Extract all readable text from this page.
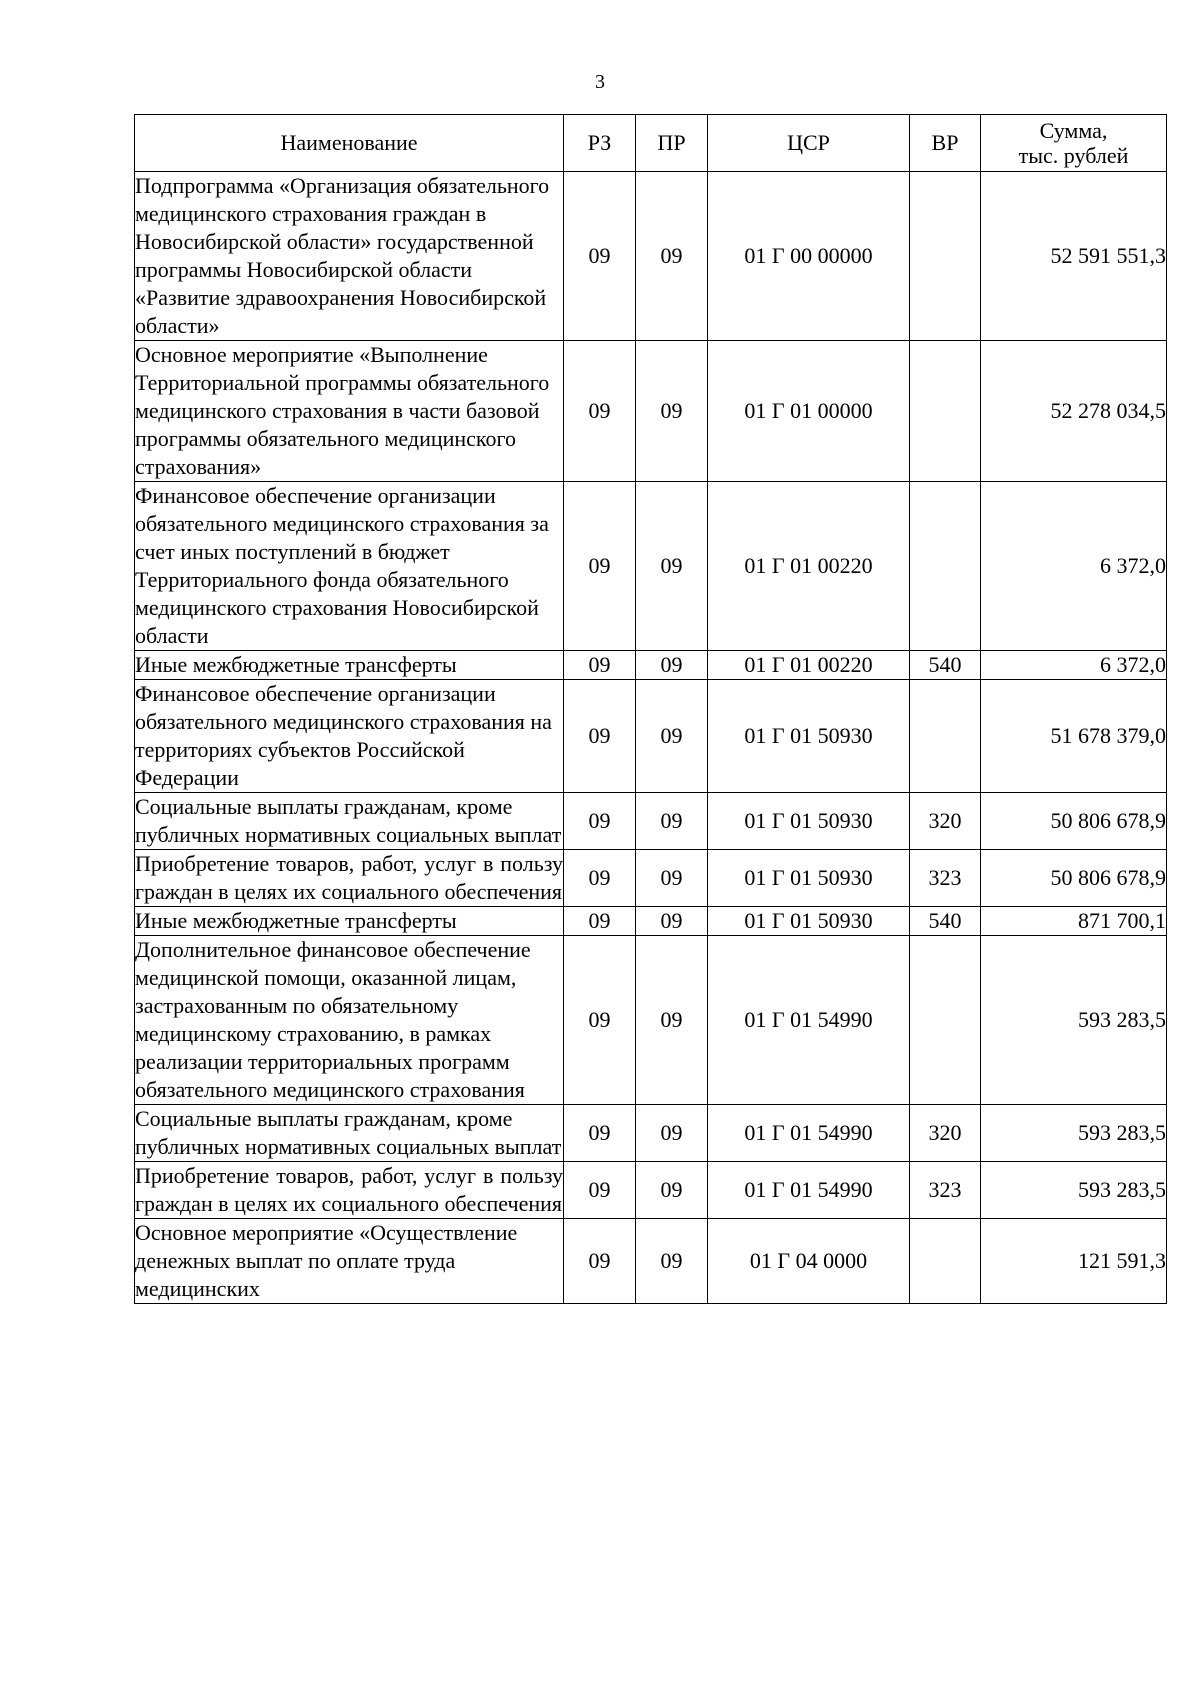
3
Наименование	РЗ	ПР	ЦСР	ВР	Сумма,
тыс. рублей

Подпрограмма «Организация обязательного медицинского страхования граждан в Новосибирской области» государственной программы Новосибирской области «Развитие здравоохранения Новосибирской области»	09	09	01 Г 00 00000		52 591 551,3
Основное мероприятие «Выполнение Территориальной программы обязательного медицинского страхования в части базовой программы обязательного медицинского страхования»	09	09	01 Г 01 00000		52 278 034,5
Финансовое обеспечение организации обязательного медицинского страхования за счет иных поступлений в бюджет Территориального фонда обязательного медицинского страхования Новосибирской области	09	09	01 Г 01 00220		6 372,0
Иные межбюджетные трансферты	09	09	01 Г 01 00220	540	6 372,0
Финансовое обеспечение организации обязательного медицинского страхования на территориях субъектов Российской Федерации	09	09	01 Г 01 50930		51 678 379,0
Социальные выплаты гражданам, кроме публичных нормативных социальных выплат	09	09	01 Г 01 50930	320	50 806 678,9
Приобретение товаров, работ, услуг в пользу граждан в целях их социального обеспечения	09	09	01 Г 01 50930	323	50 806 678,9
Иные межбюджетные трансферты	09	09	01 Г 01 50930	540	871 700,1
Дополнительное финансовое обеспечение медицинской помощи, оказанной лицам, застрахованным по обязательному медицинскому страхованию, в рамках реализации территориальных программ обязательного медицинского страхования	09	09	01 Г 01 54990		593 283,5
Социальные выплаты гражданам, кроме публичных нормативных социальных выплат	09	09	01 Г 01 54990	320	593 283,5
Приобретение товаров, работ, услуг в пользу граждан в целях их социального обеспечения	09	09	01 Г 01 54990	323	593 283,5
Основное мероприятие «Осуществление денежных выплат по оплате труда медицинских	09	09	01 Г 04 0000		121 591,3
